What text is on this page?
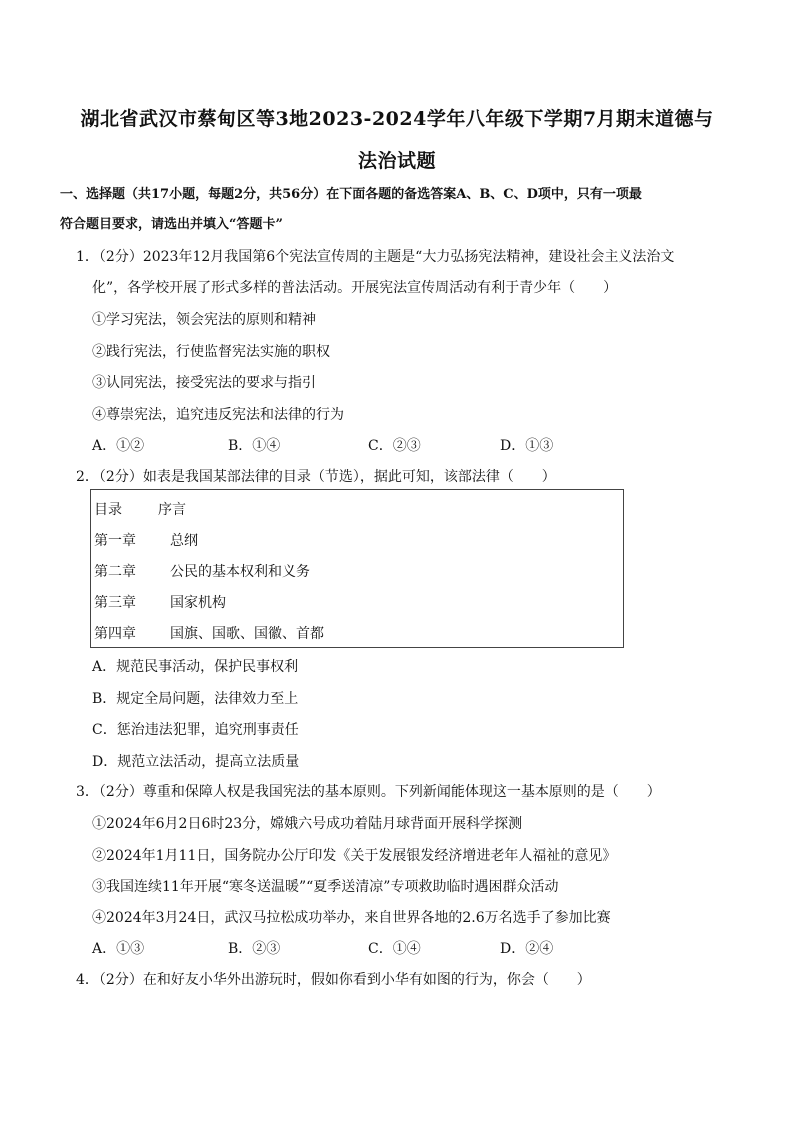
湖北省武汉市蔡甸区等3地2023-2024学年八年级下学期7月期末道德与
法治试题
一、选择题（共17小题，每题2分，共56分）在下面各题的备选答案A、B、C、D项中，只有一项最
符合题目要求，请选出并填入“答题卡”
1．（2分）2023年12月我国第6个宪法宣传周的主题是“大力弘扬宪法精神，建设社会主义法治文
化”，各学校开展了形式多样的普法活动。开展宪法宣传周活动有利于青少年（　　）
①学习宪法，领会宪法的原则和精神
②践行宪法，行使监督宪法实施的职权
③认同宪法，接受宪法的要求与指引
④尊崇宪法，追究违反宪法和法律的行为
A．①②	B．①④	C．②③	D．①③
2．（2分）如表是我国某部法律的目录（节选），据此可知，该部法律（　　）
目录	序言
第一章 总纲
第二章 公民的基本权利和义务
第三章 国家机构
第四章 国旗、国歌、国徽、首都
A．规范民事活动，保护民事权利
B．规定全局问题，法律效力至上
C．惩治违法犯罪，追究刑事责任
D．规范立法活动，提高立法质量
3．（2分）尊重和保障人权是我国宪法的基本原则。下列新闻能体现这一基本原则的是（　　）
①2024年6月2日6时23分，嫦娥六号成功着陆月球背面开展科学探测
②2024年1月11日，国务院办公厅印发《关于发展银发经济增进老年人福祉的意见》
③我国连续11年开展“寒冬送温暖”“夏季送清凉”专项救助临时遇困群众活动
④2024年3月24日，武汉马拉松成功举办，来自世界各地的2.6万名选手了参加比赛
A．①③	B．②③	C．①④	D．②④
4．（2分）在和好友小华外出游玩时，假如你看到小华有如图的行为，你会（　　）
